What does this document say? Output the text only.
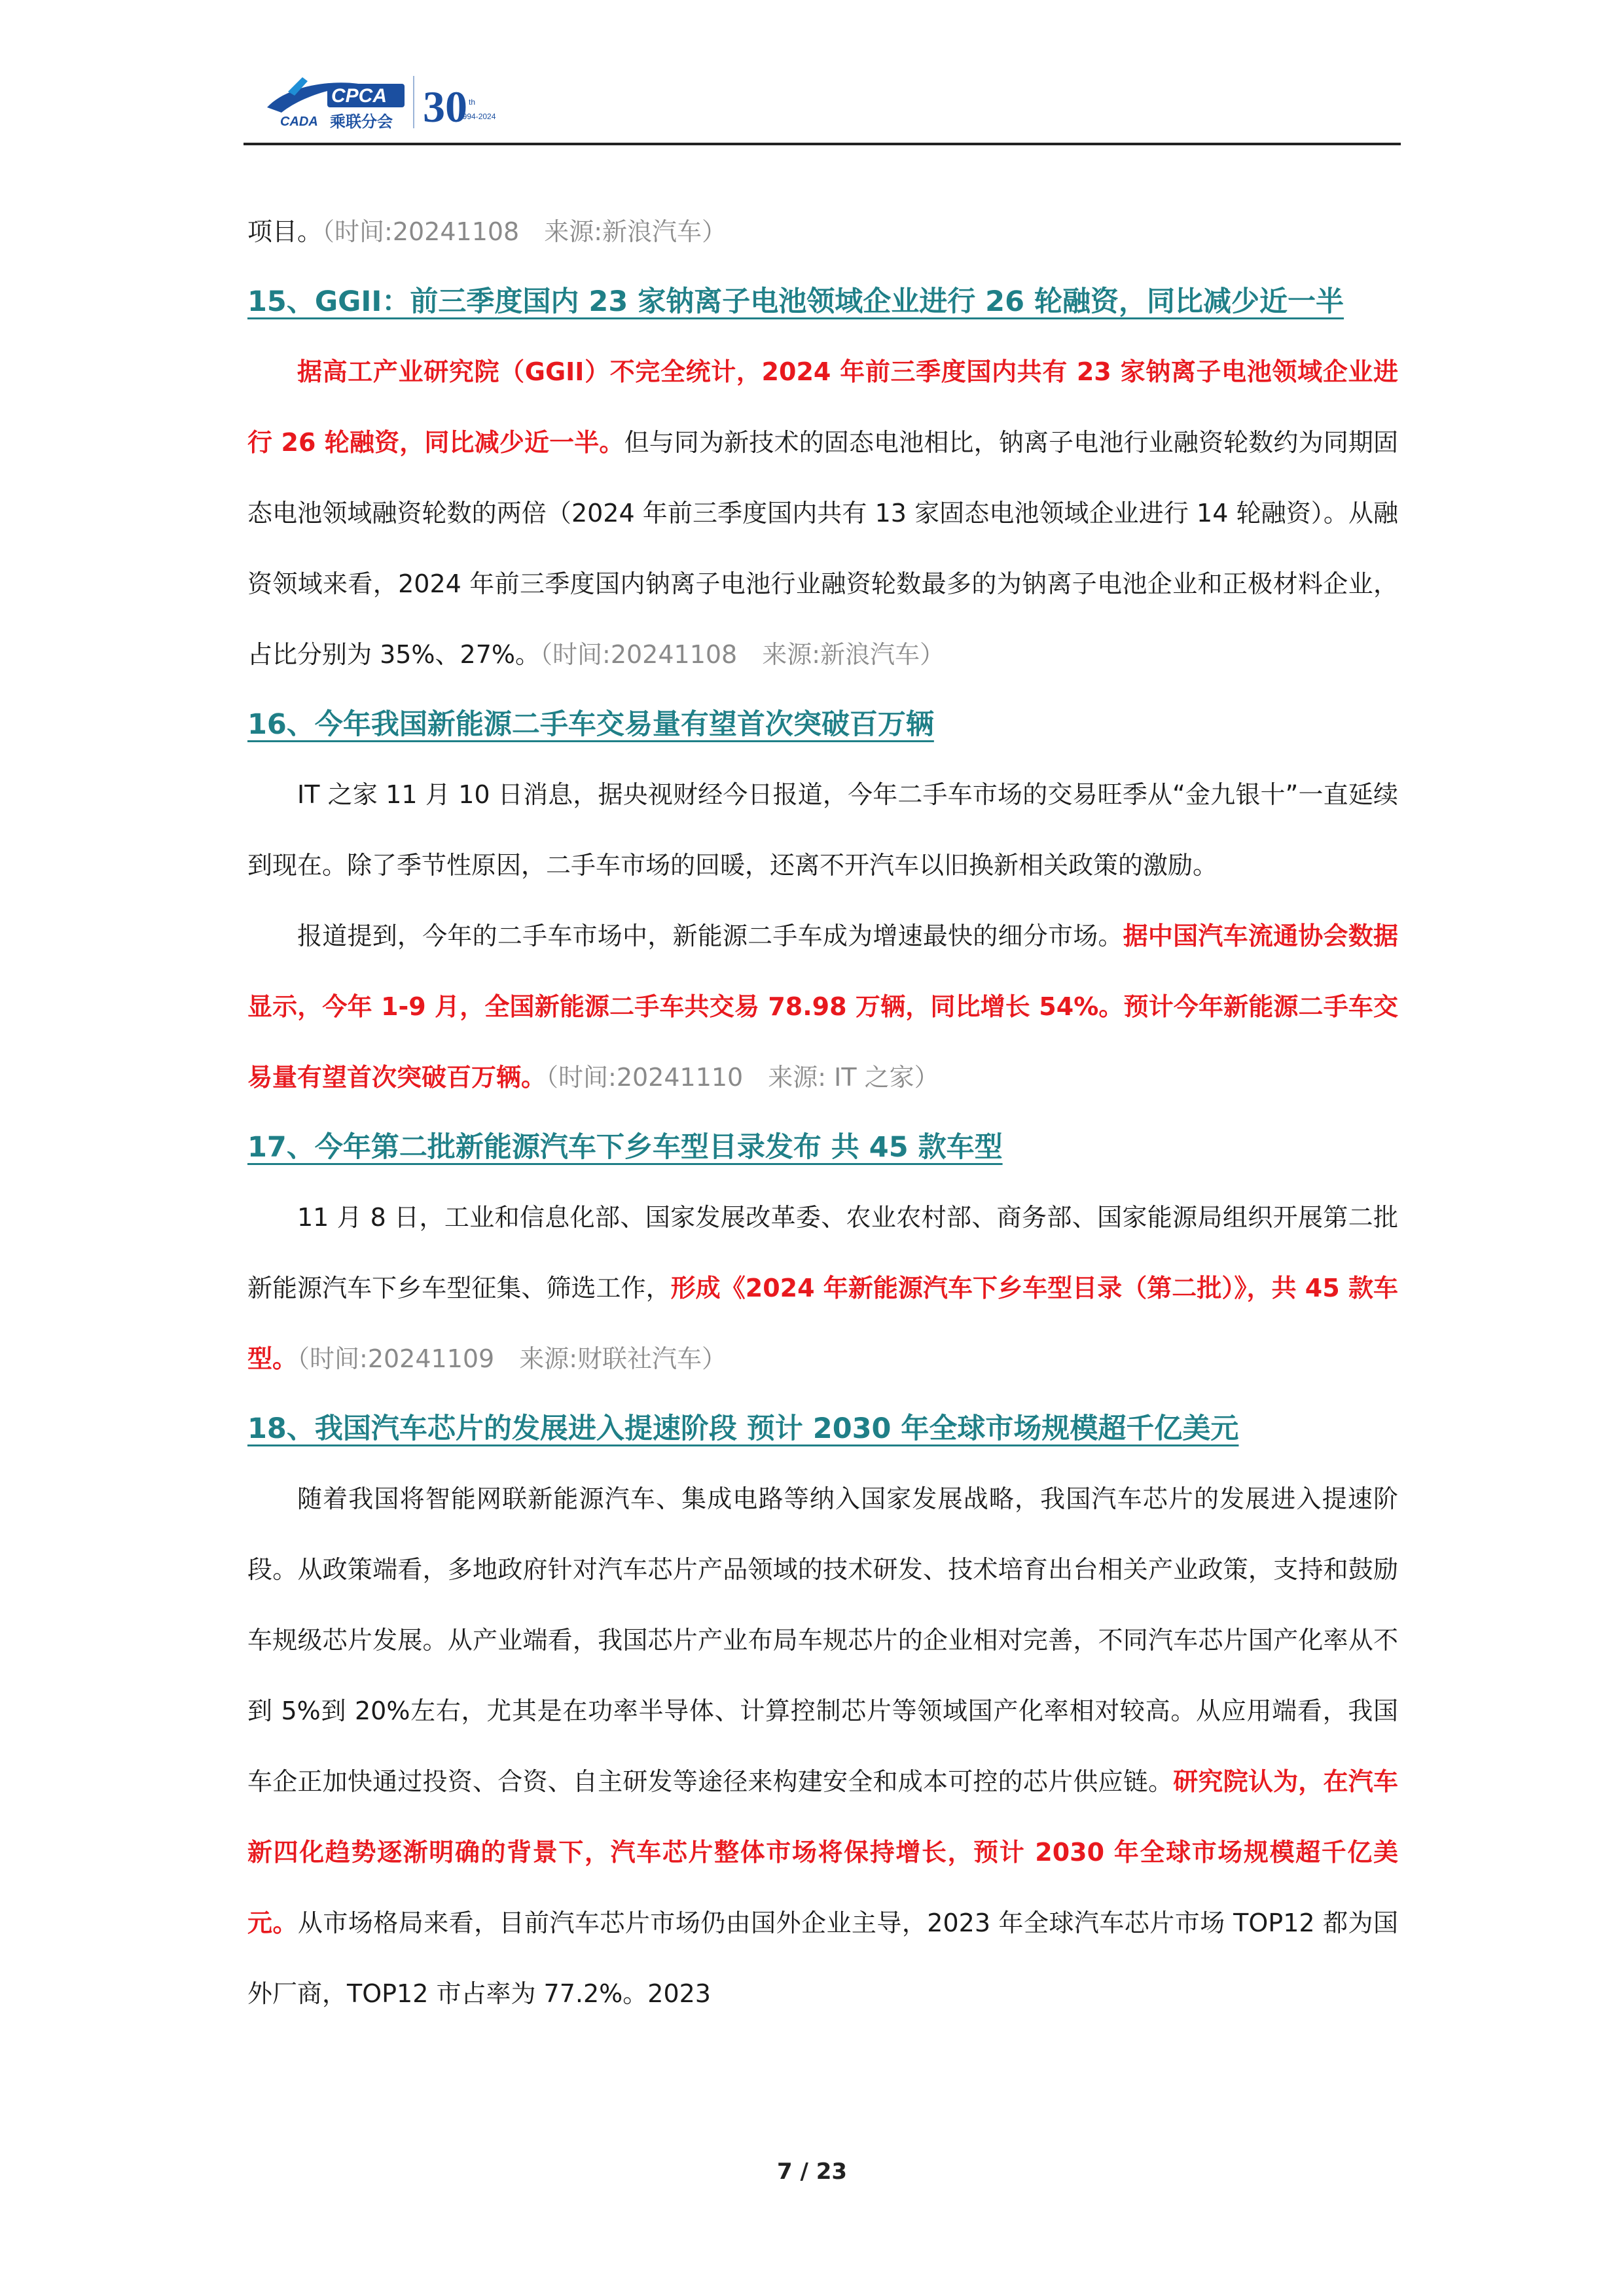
CADA
CPCA
乘联分会 30 th
1994-2024

项目。（时间:20241108　来源:新浪汽车）

15、GGII：前三季度国内 23 家钠离子电池领域企业进行 26 轮融资，同比减少近一半

据高工产业研究院（GGII）不完全统计，2024 年前三季度国内共有 23 家钠离子电池领域企业进行 26 轮融资，同比减少近一半。但与同为新技术的固态电池相比，钠离子电池行业融资轮数约为同期固态电池领域融资轮数的两倍（2024 年前三季度国内共有 13 家固态电池领域企业进行 14 轮融资）。从融资领域来看，2024 年前三季度国内钠离子电池行业融资轮数最多的为钠离子电池企业和正极材料企业，占比分别为 35%、27%。（时间:20241108　来源:新浪汽车）

16、今年我国新能源二手车交易量有望首次突破百万辆

IT 之家 11 月 10 日消息，据央视财经今日报道，今年二手车市场的交易旺季从“金九银十”一直延续到现在。除了季节性原因，二手车市场的回暖，还离不开汽车以旧换新相关政策的激励。

报道提到，今年的二手车市场中，新能源二手车成为增速最快的细分市场。据中国汽车流通协会数据显示，今年 1-9 月，全国新能源二手车共交易 78.98 万辆，同比增长 54%。预计今年新能源二手车交易量有望首次突破百万辆。（时间:20241110　来源: IT 之家）

17、今年第二批新能源汽车下乡车型目录发布 共 45 款车型

11 月 8 日，工业和信息化部、国家发展改革委、农业农村部、商务部、国家能源局组织开展第二批新能源汽车下乡车型征集、筛选工作，形成《2024 年新能源汽车下乡车型目录（第二批）》，共 45 款车型。（时间:20241109　来源:财联社汽车）

18、我国汽车芯片的发展进入提速阶段 预计 2030 年全球市场规模超千亿美元

随着我国将智能网联新能源汽车、集成电路等纳入国家发展战略，我国汽车芯片的发展进入提速阶段。从政策端看，多地政府针对汽车芯片产品领域的技术研发、技术培育出台相关产业政策，支持和鼓励车规级芯片发展。从产业端看，我国芯片产业布局车规芯片的企业相对完善，不同汽车芯片国产化率从不到 5%到 20%左右，尤其是在功率半导体、计算控制芯片等领域国产化率相对较高。从应用端看，我国车企正加快通过投资、合资、自主研发等途径来构建安全和成本可控的芯片供应链。研究院认为，在汽车新四化趋势逐渐明确的背景下，汽车芯片整体市场将保持增长，预计 2030 年全球市场规模超千亿美元。从市场格局来看，目前汽车芯片市场仍由国外企业主导，2023 年全球汽车芯片市场 TOP12 都为国外厂商，TOP12 市占率为 77.2%。2023

7 / 23
